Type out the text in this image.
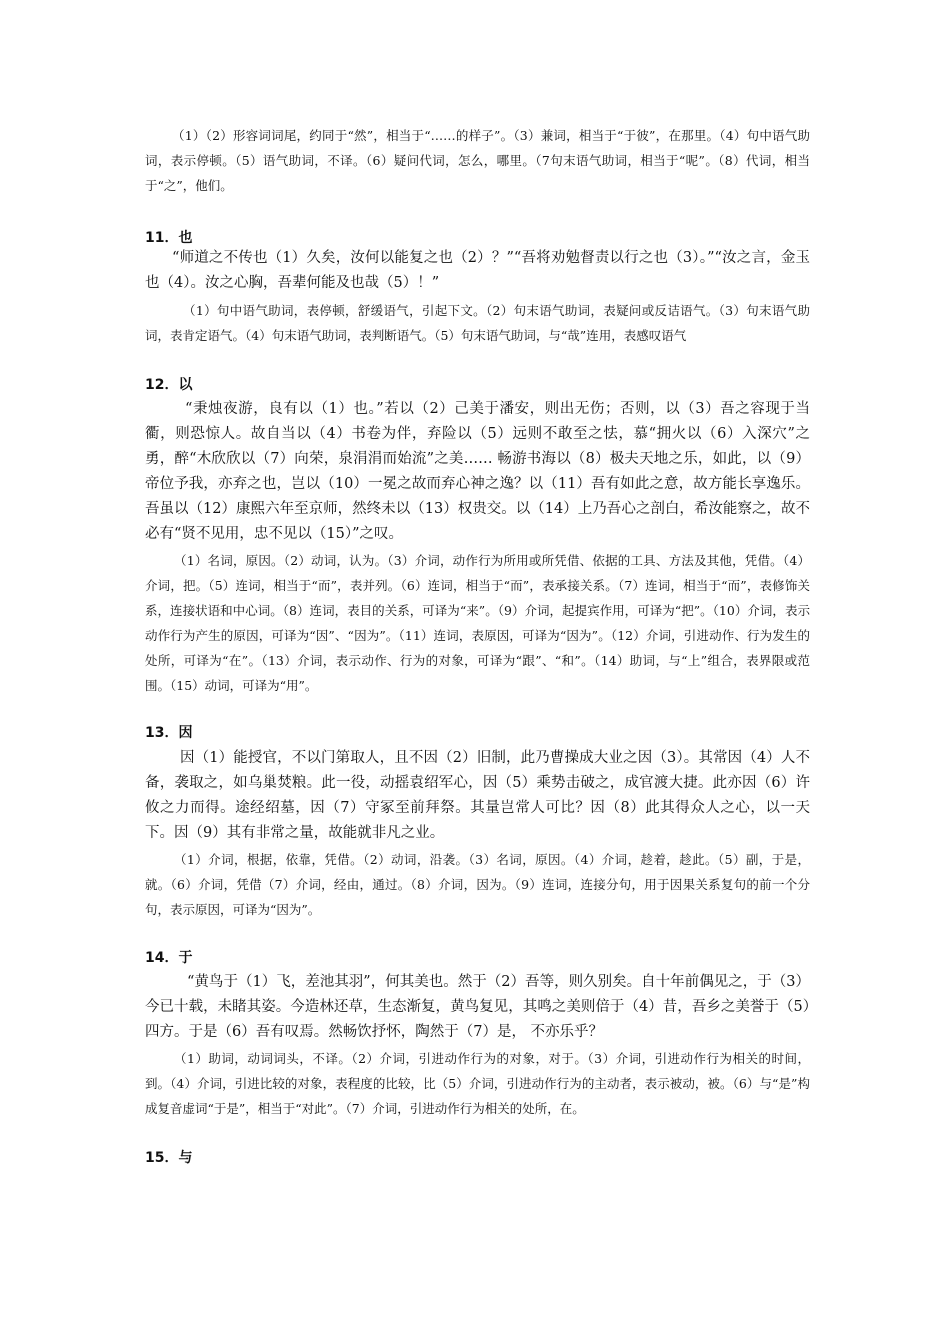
（1）（2）形容词词尾，约同于“然”，相当于“……的样子”。（3）兼词，相当于“于彼”，在那里。（4）句中语气助词，表示停顿。（5）语气助词，不译。（6）疑问代词，怎么，哪里。（7句末语气助词，相当于“呢”。（8）代词，相当于“之”，他们。

11．也

“师道之不传也（1）久矣，汝何以能复之也（2）？”“吾将劝勉督责以行之也（3）。”“汝之言，金玉也（4）。汝之心胸，吾辈何能及也哉（5）！”

（1）句中语气助词，表停顿，舒缓语气，引起下文。（2）句末语气助词，表疑问或反诘语气。（3）句末语气助词，表肯定语气。（4）句末语气助词，表判断语气。（5）句末语气助词，与“哉”连用，表感叹语气

12．以

“秉烛夜游，良有以（1）也。”若以（2）己美于潘安，则出无伤；否则，以（3）吾之容现于当衢，则恐惊人。故自当以（4）书卷为伴，弃险以（5）远则不敢至之怯，慕“拥火以（6）入深穴”之勇，醉“木欣欣以（7）向荣，泉涓涓而始流”之美…… 畅游书海以（8）极夫天地之乐，如此，以（9）帝位予我，亦弃之也，岂以（10）一冕之故而弃心神之逸？以（11）吾有如此之意，故方能长享逸乐。吾虽以（12）康熙六年至京师，然终未以（13）权贵交。以（14）上乃吾心之剖白，希汝能察之，故不必有“贤不见用，忠不见以（15）”之叹。

（1）名词，原因。（2）动词，认为。（3）介词，动作行为所用或所凭借、依据的工具、方法及其他，凭借。（4）介词，把。（5）连词，相当于“而”，表并列。（6）连词，相当于“而”，表承接关系。（7）连词，相当于“而”，表修饰关系，连接状语和中心词。（8）连词，表目的关系，可译为“来”。（9）介词，起提宾作用，可译为“把”。（10）介词，表示动作行为产生的原因，可译为“因”、“因为”。（11）连词，表原因，可译为“因为”。（12）介词，引进动作、行为发生的处所，可译为“在”。（13）介词，表示动作、行为的对象，可译为“跟”、“和”。（14）助词，与“上”组合，表界限或范围。（15）动词，可译为“用”。

13．因

因（1）能授官，不以门第取人，且不因（2）旧制，此乃曹操成大业之因（3）。其常因（4）人不备，袭取之，如乌巢焚粮。此一役，动摇袁绍军心，因（5）乘势击破之，成官渡大捷。此亦因（6）许攸之力而得。途经绍墓，因（7）守冢至前拜祭。其量岂常人可比？因（8）此其得众人之心，以一天下。因（9）其有非常之量，故能就非凡之业。

（1）介词，根据，依靠，凭借。（2）动词，沿袭。（3）名词，原因。（4）介词，趁着，趁此。（5）副，于是，就。（6）介词，凭借（7）介词，经由，通过。（8）介词，因为。（9）连词，连接分句，用于因果关系复句的前一个分句，表示原因，可译为“因为”。

14．于

“黄鸟于（1）飞，差池其羽”，何其美也。然于（2）吾等，则久别矣。自十年前偶见之，于（3）今已十载，未睹其姿。今造林还草，生态渐复，黄鸟复见，其鸣之美则倍于（4）昔，吾乡之美誉于（5）四方。于是（6）吾有叹焉。然畅饮抒怀，陶然于（7）是， 不亦乐乎？

（1）助词，动词词头，不译。（2）介词，引进动作行为的对象，对于。（3）介词，引进动作行为相关的时间，到。（4）介词，引进比较的对象，表程度的比较，比（5）介词，引进动作行为的主动者，表示被动，被。（6）与“是”构成复音虚词“于是”，相当于“对此”。（7）介词，引进动作行为相关的处所，在。

15．与
